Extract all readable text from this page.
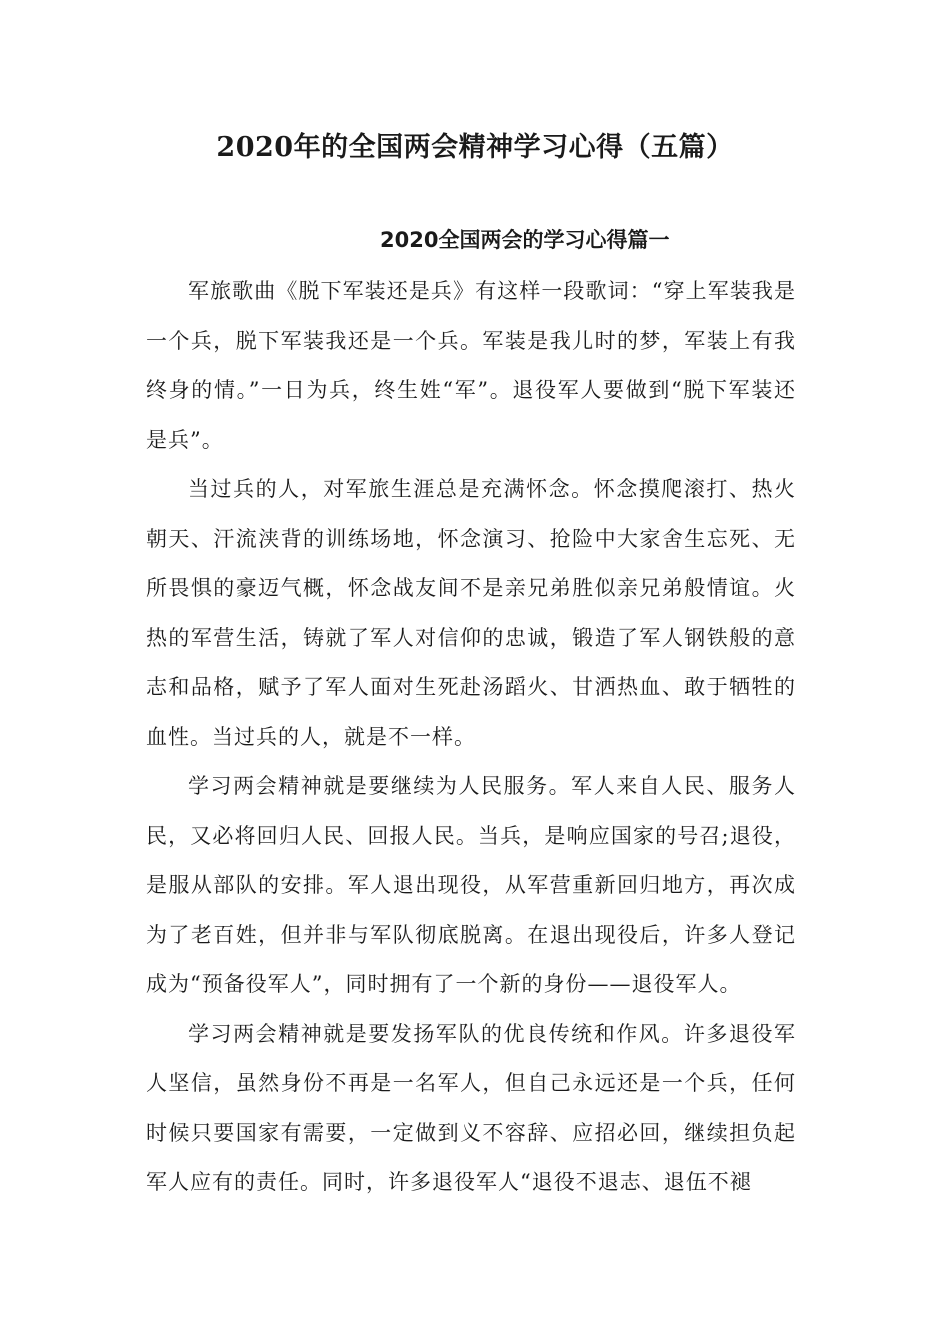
2020年的全国两会精神学习心得（五篇）
2020全国两会的学习心得篇一

军旅歌曲《脱下军装还是兵》有这样一段歌词：“穿上军装我是一个兵，脱下军装我还是一个兵。军装是我儿时的梦，军装上有我终身的情。”一日为兵，终生姓“军”。退役军人要做到“脱下军装还是兵”。

当过兵的人，对军旅生涯总是充满怀念。怀念摸爬滚打、热火朝天、汗流浃背的训练场地，怀念演习、抢险中大家舍生忘死、无所畏惧的豪迈气概，怀念战友间不是亲兄弟胜似亲兄弟般情谊。火热的军营生活，铸就了军人对信仰的忠诚，锻造了军人钢铁般的意志和品格，赋予了军人面对生死赴汤蹈火、甘洒热血、敢于牺牲的血性。当过兵的人，就是不一样。

学习两会精神就是要继续为人民服务。军人来自人民、服务人民，又必将回归人民、回报人民。当兵，是响应国家的号召;退役，是服从部队的安排。军人退出现役，从军营重新回归地方，再次成为了老百姓，但并非与军队彻底脱离。在退出现役后，许多人登记成为“预备役军人”，同时拥有了一个新的身份——退役军人。

学习两会精神就是要发扬军队的优良传统和作风。许多退役军人坚信，虽然身份不再是一名军人，但自己永远还是一个兵，任何时候只要国家有需要，一定做到义不容辞、应招必回，继续担负起军人应有的责任。同时，许多退役军人“退役不退志、退伍不褪
